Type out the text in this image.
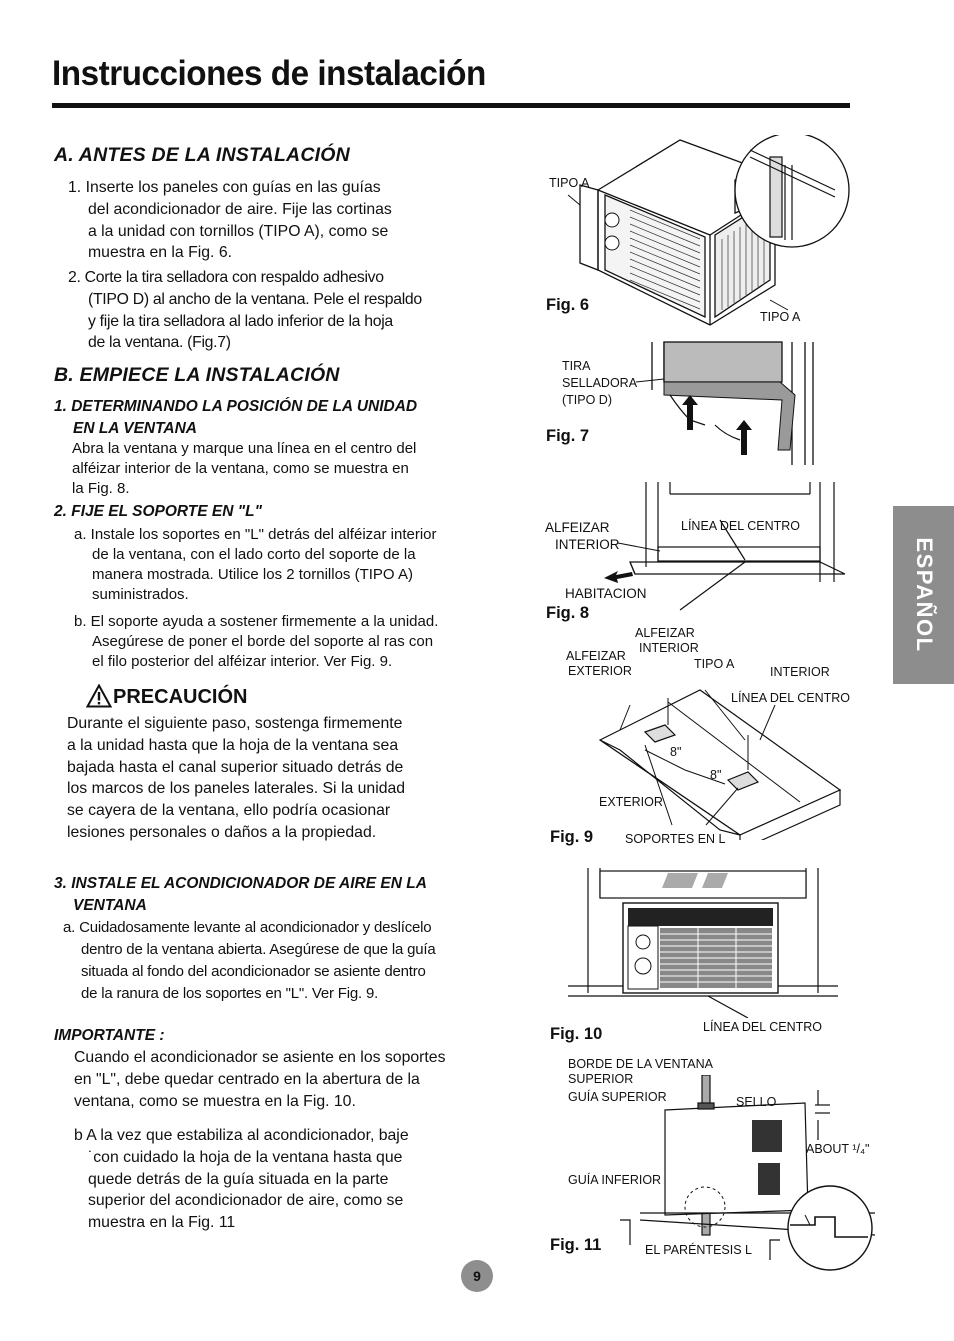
Instrucciones de instalación
ESPAÑOL
A. ANTES DE LA INSTALACIÓN
1. Inserte los paneles con guías en las guías
del acondicionador de aire. Fije las cortinas
a la unidad con tornillos (TIPO A), como se
muestra en la Fig. 6.
2. Corte la tira selladora con respaldo adhesivo
(TIPO D) al ancho de la ventana. Pele el respaldo
y fije la tira selladora al lado inferior de la hoja
de la ventana. (Fig.7)
B. EMPIECE LA INSTALACIÓN
1. DETERMINANDO LA POSICIÓN DE LA UNIDAD
EN LA VENTANA
Abra la ventana y marque una línea en el centro del
alféizar interior de la ventana, como se muestra en
la Fig. 8.
2. FIJE EL SOPORTE EN "L"
a. Instale los soportes en "L" detrás del alféizar interior
de la ventana, con el lado corto del soporte de la
manera mostrada. Utilice los 2 tornillos (TIPO A)
suministrados.
b. El soporte ayuda a sostener firmemente a la unidad.
Asegúrese de poner el borde del soporte al ras con
el filo posterior del alféizar interior. Ver Fig. 9.
PRECAUCIÓN
Durante el siguiente paso, sostenga firmemente
a la unidad hasta que la hoja de la ventana sea
bajada hasta el canal superior situado detrás de
los marcos de los paneles laterales. Si la unidad
se cayera de la ventana, ello podría ocasionar
lesiones personales o daños a la propiedad.
3. INSTALE EL ACONDICIONADOR DE AIRE EN LA
VENTANA
a. Cuidadosamente levante al acondicionador y deslícelo
dentro de la ventana abierta. Asegúrese de que la guía
situada al fondo del acondicionador se asiente dentro
de la ranura de los soportes en "L". Ver Fig. 9.
IMPORTANTE :
Cuando el acondicionador se asiente en los soportes
en "L", debe quedar centrado en la abertura de la
ventana, como se muestra en la Fig. 10.
b A la vez que estabiliza al acondicionador, baje
˙con cuidado la hoja de la ventana hasta que
quede detrás de la guía situada en la parte
superior del acondicionador de aire, como se
muestra en la Fig. 11
TIPO A
TIPO A
Fig. 6
TIRA
SELLADORA
(TIPO D)
Fig. 7
ALFEIZAR
INTERIOR
LÍNEA DEL CENTRO
HABITACION
Fig. 8
ALFEIZAR
INTERIOR
ALFEIZAR
EXTERIOR	TIPO A
INTERIOR
LÍNEA DEL CENTRO
8"
8"
EXTERIOR
SOPORTES EN L
Fig. 9
LÍNEA DEL CENTRO
Fig. 10
BORDE DE LA VENTANA
SUPERIOR
GUÍA SUPERIOR	SELLO
ABOUT ¹/₄"
GUÍA INFERIOR
EL PARÉNTESIS L
Fig. 11
9
